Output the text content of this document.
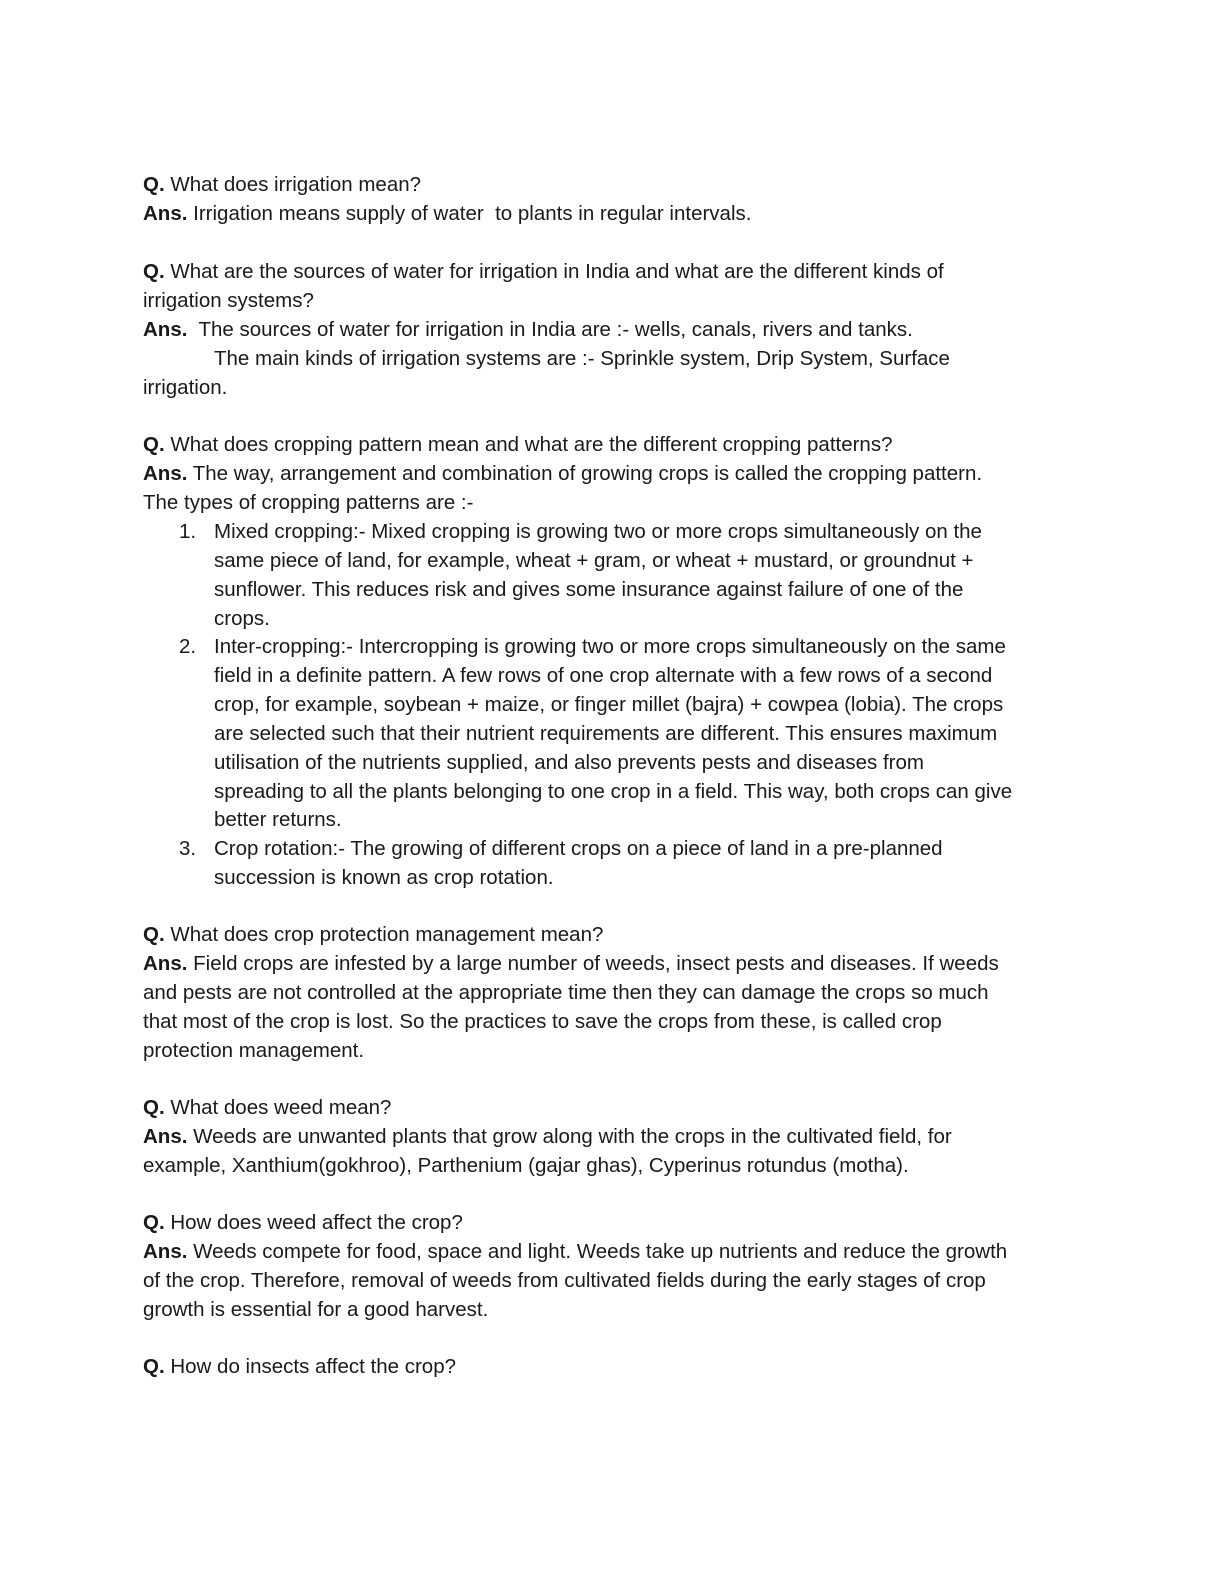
Q. What does irrigation mean?
Ans. Irrigation means supply of water  to plants in regular intervals.
Q. What are the sources of water for irrigation in India and what are the different kinds of
irrigation systems?
Ans.  The sources of water for irrigation in India are :- wells, canals, rivers and tanks.
The main kinds of irrigation systems are :- Sprinkle system, Drip System, Surface
irrigation.
Q. What does cropping pattern mean and what are the different cropping patterns?
Ans. The way, arrangement and combination of growing crops is called the cropping pattern.
The types of cropping patterns are :-
1. Mixed cropping:- Mixed cropping is growing two or more crops simultaneously on the
same piece of land, for example, wheat + gram, or wheat + mustard, or groundnut +
sunflower. This reduces risk and gives some insurance against failure of one of the
crops.
2. Inter-cropping:- Intercropping is growing two or more crops simultaneously on the same
field in a definite pattern. A few rows of one crop alternate with a few rows of a second
crop, for example, soybean + maize, or finger millet (bajra) + cowpea (lobia). The crops
are selected such that their nutrient requirements are different. This ensures maximum
utilisation of the nutrients supplied, and also prevents pests and diseases from
spreading to all the plants belonging to one crop in a field. This way, both crops can give
better returns.
3. Crop rotation:- The growing of different crops on a piece of land in a pre-planned
succession is known as crop rotation.
Q. What does crop protection management mean?
Ans. Field crops are infested by a large number of weeds, insect pests and diseases. If weeds
and pests are not controlled at the appropriate time then they can damage the crops so much
that most of the crop is lost. So the practices to save the crops from these, is called crop
protection management.
Q. What does weed mean?
Ans. Weeds are unwanted plants that grow along with the crops in the cultivated field, for
example, Xanthium(gokhroo), Parthenium (gajar ghas), Cyperinus rotundus (motha).
Q. How does weed affect the crop?
Ans. Weeds compete for food, space and light. Weeds take up nutrients and reduce the growth
of the crop. Therefore, removal of weeds from cultivated fields during the early stages of crop
growth is essential for a good harvest.
Q. How do insects affect the crop?
